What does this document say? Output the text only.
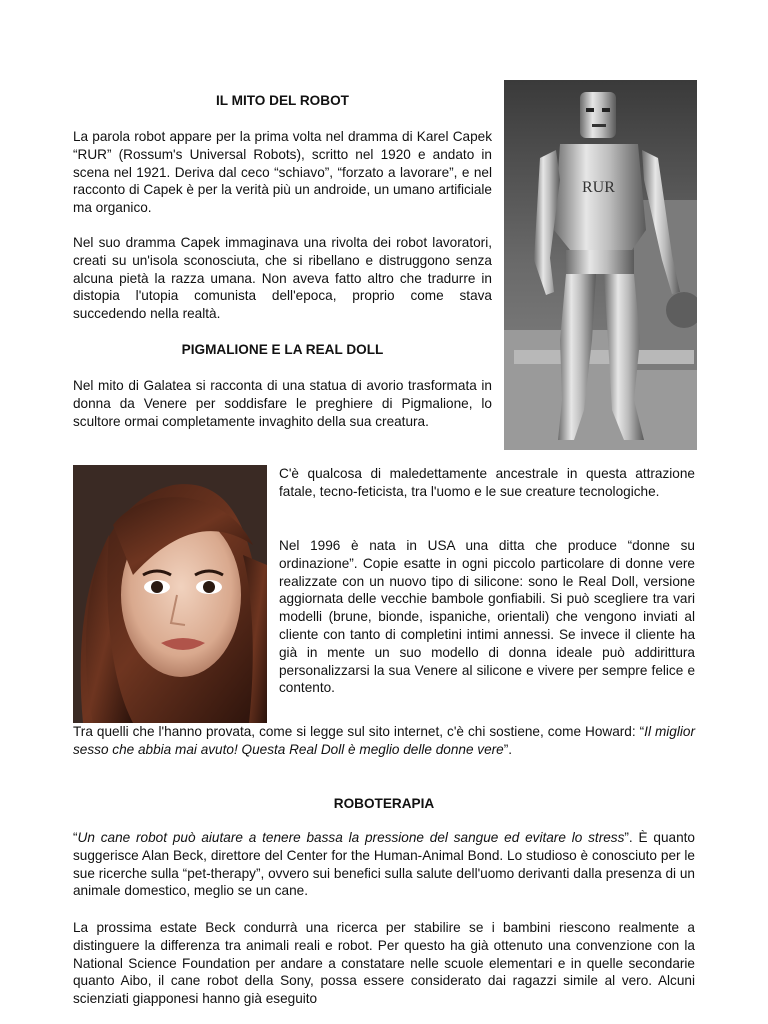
IL MITO DEL ROBOT

La parola robot appare per la prima volta nel dramma di Karel Capek “RUR” (Rossum's Universal Robots), scritto nel 1920 e andato in scena nel 1921. Deriva dal ceco “schiavo”, “forzato a lavorare”, e nel racconto di Capek è per la verità più un androide, un umano artificiale ma organico.

Nel suo dramma Capek immaginava una rivolta dei robot lavoratori, creati su un'isola sconosciuta, che si ribellano e distruggono senza alcuna pietà la razza umana. Non aveva fatto altro che tradurre in distopia l'utopia comunista dell'epoca, proprio come stava succedendo nella realtà.

RUR
PIGMALIONE E LA REAL DOLL

Nel mito di Galatea si racconta di una statua di avorio trasformata in donna da Venere per soddisfare le preghiere di Pigmalione, lo scultore ormai completamente invaghito della sua creatura.

C'è qualcosa di maledettamente ancestrale in questa attrazione fatale, tecno-feticista, tra l'uomo e le sue creature tecnologiche.

Nel 1996 è nata in USA una ditta che produce “donne su ordinazione”. Copie esatte in ogni piccolo particolare di donne vere realizzate con un nuovo tipo di silicone: sono le Real Doll, versione aggiornata delle vecchie bambole gonfiabili. Si può scegliere tra vari modelli (brune, bionde, ispaniche, orientali) che vengono inviati al cliente con tanto di completini intimi annessi. Se invece il cliente ha già in mente un suo modello di donna ideale può addirittura personalizzarsi la sua Venere al silicone e vivere per sempre felice e contento.

Tra quelli che l'hanno provata, come si legge sul sito internet, c'è chi sostiene, come Howard: “Il miglior sesso che abbia mai avuto! Questa Real Doll è meglio delle donne vere”.

ROBOTERAPIA

“Un cane robot può aiutare a tenere bassa la pressione del sangue ed evitare lo stress”. È quanto suggerisce Alan Beck, direttore del Center for the Human-Animal Bond. Lo studioso è conosciuto per le sue ricerche sulla “pet-therapy”, ovvero sui benefici sulla salute dell'uomo derivanti dalla presenza di un animale domestico, meglio se un cane.

La prossima estate Beck condurrà una ricerca per stabilire se i bambini riescono realmente a distinguere la differenza tra animali reali e robot. Per questo ha già ottenuto una convenzione con la National Science Foundation per andare a constatare nelle scuole elementari e in quelle secondarie quanto Aibo, il cane robot della Sony, possa essere considerato dai ragazzi simile al vero. Alcuni scienziati giapponesi hanno già eseguito
